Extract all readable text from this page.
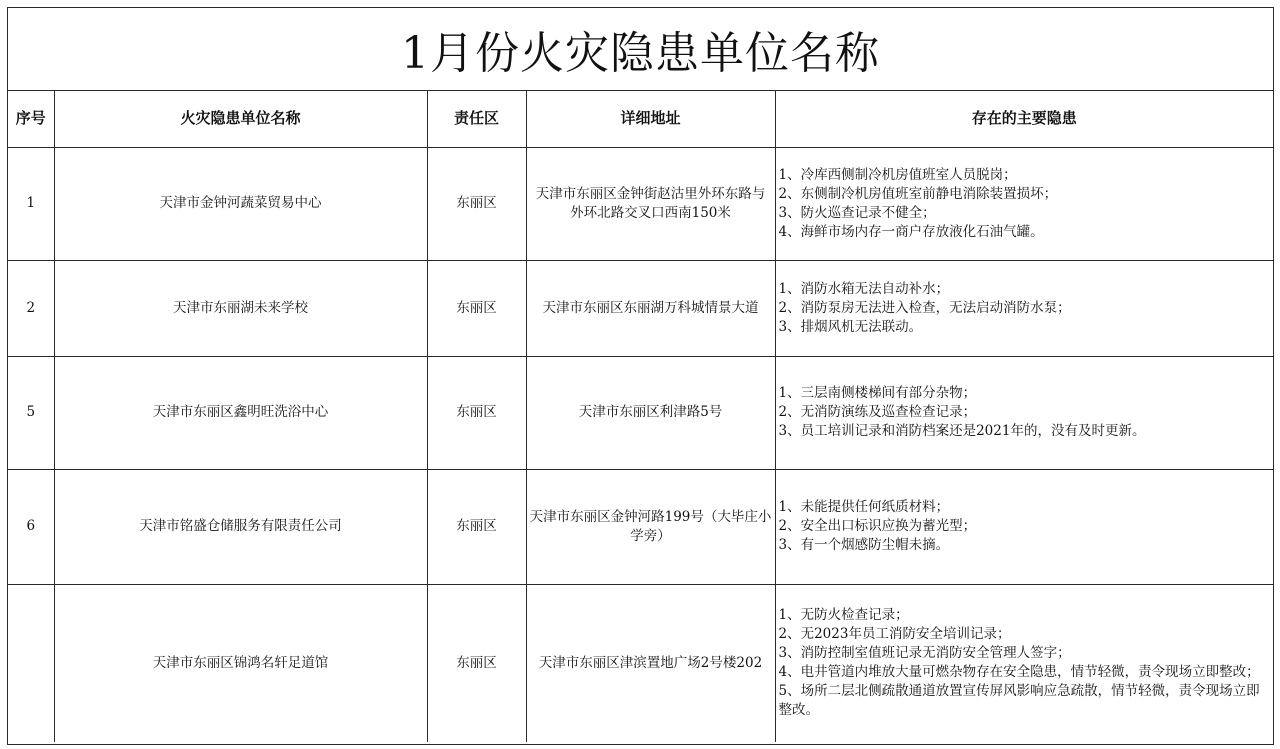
1月份火灾隐患单位名称
序号	火灾隐患单位名称	责任区	详细地址	存在的主要隐患
1	天津市金钟河蔬菜贸易中心	东丽区	天津市东丽区金钟街赵沽里外环东路与外环北路交叉口西南150米	1、冷库西侧制冷机房值班室人员脱岗；
2、东侧制冷机房值班室前静电消除装置损坏；
3、防火巡查记录不健全；
4、海鲜市场内存一商户存放液化石油气罐。

2	天津市东丽湖未来学校	东丽区	天津市东丽区东丽湖万科城情景大道	1、消防水箱无法自动补水；
2、消防泵房无法进入检查，无法启动消防水泵；
3、排烟风机无法联动。

5	天津市东丽区鑫明旺洗浴中心	东丽区	天津市东丽区利津路5号	1、三层南侧楼梯间有部分杂物；
2、无消防演练及巡查检查记录；
3、员工培训记录和消防档案还是2021年的，没有及时更新。

6	天津市铭盛仓储服务有限责任公司	东丽区	天津市东丽区金钟河路199号（大毕庄小学旁）	1、未能提供任何纸质材料；
2、安全出口标识应换为蓄光型；
3、有一个烟感防尘帽未摘。

	天津市东丽区锦鸿名轩足道馆	东丽区	天津市东丽区津滨置地广场2号楼202	1、无防火检查记录；
2、无2023年员工消防安全培训记录；
3、消防控制室值班记录无消防安全管理人签字；
4、电井管道内堆放大量可燃杂物存在安全隐患，情节轻微，责令现场立即整改；
5、场所二层北侧疏散通道放置宣传屏风影响应急疏散，情节轻微，责令现场立即整改。
